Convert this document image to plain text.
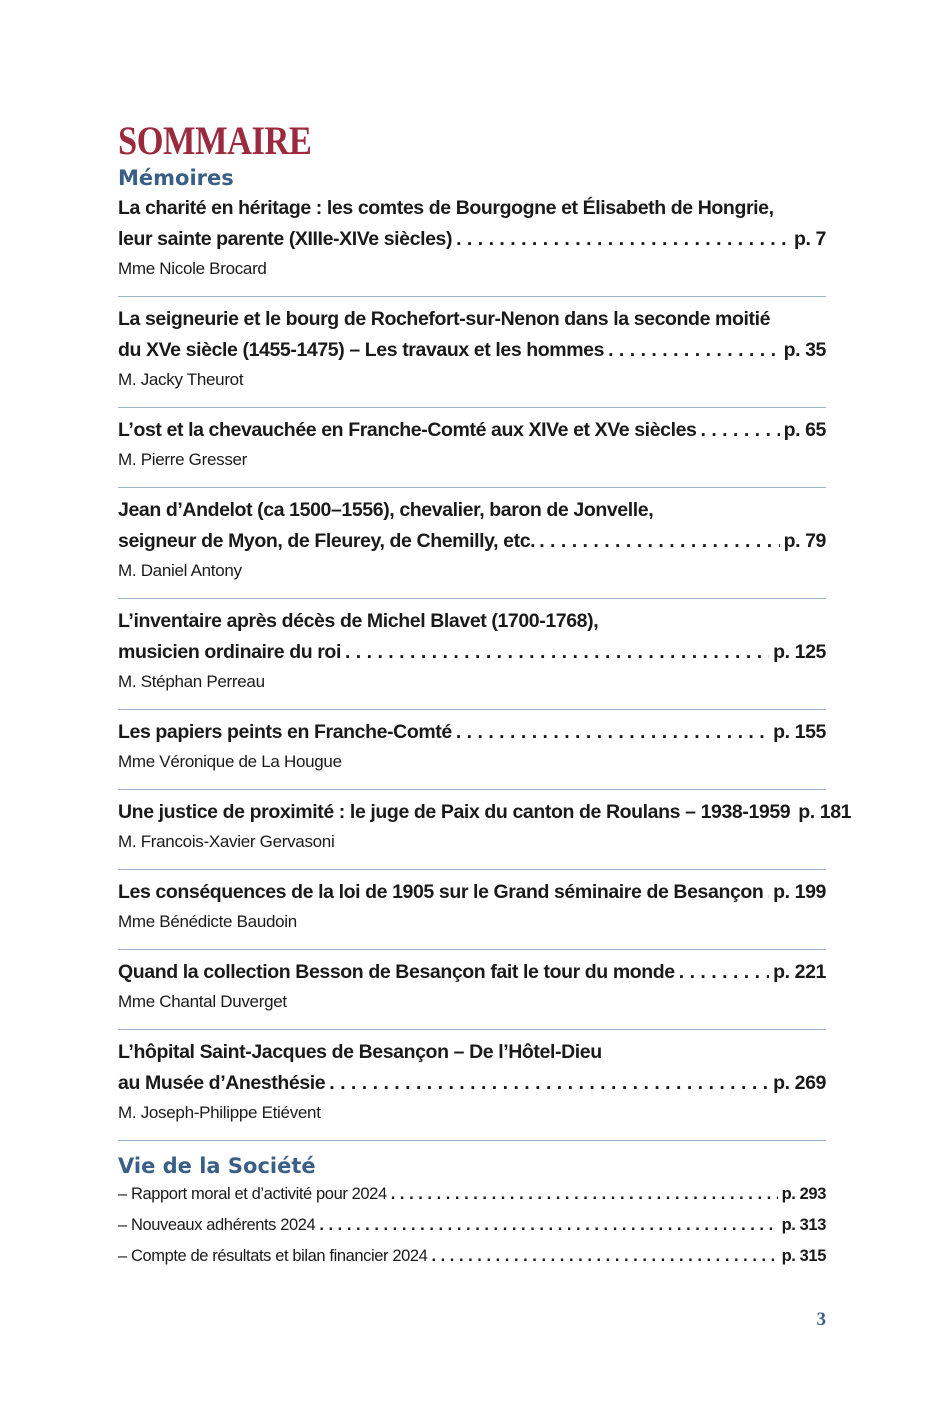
SOMMAIRE
Mémoires
La charité en héritage : les comtes de Bourgogne et Élisabeth de Hongrie,
leur sainte parente (XIIIe-XIVe siècles) . . .	p. 7
Mme Nicole Brocard
La seigneurie et le bourg de Rochefort-sur-Nenon dans la seconde moitié
du XVe siècle (1455-1475) – Les travaux et les hommes . . .	p. 35
M. Jacky Theurot
L’ost et la chevauchée en Franche-Comté aux XIVe et XVe siècles . . .	p. 65
M. Pierre Gresser
Jean d’Andelot (ca 1500–1556), chevalier, baron de Jonvelle,
seigneur de Myon, de Fleurey, de Chemilly, etc. . . .	p. 79
M. Daniel Antony
L’inventaire après décès de Michel Blavet (1700-1768),
musicien ordinaire du roi . . .	p. 125
M. Stéphan Perreau
Les papiers peints en Franche-Comté . . .	p. 155
Mme Véronique de La Hougue
Une justice de proximité : le juge de Paix du canton de Roulans – 1938-1959 p. 181
M. Francois-Xavier Gervasoni
Les conséquences de la loi de 1905 sur le Grand séminaire de Besançon . . . p. 199
Mme Bénédicte Baudoin
Quand la collection Besson de Besançon fait le tour du monde . . .	p. 221
Mme Chantal Duverget
L’hôpital Saint-Jacques de Besançon – De l’Hôtel-Dieu
au Musée d’Anesthésie . . .	p. 269
M. Joseph-Philippe Etiévent
Vie de la Société
– Rapport moral et d’activité pour 2024 . . .	p. 293
– Nouveaux adhérents 2024 . . .	p. 313
– Compte de résultats et bilan financier 2024 . . .	p. 315
3
